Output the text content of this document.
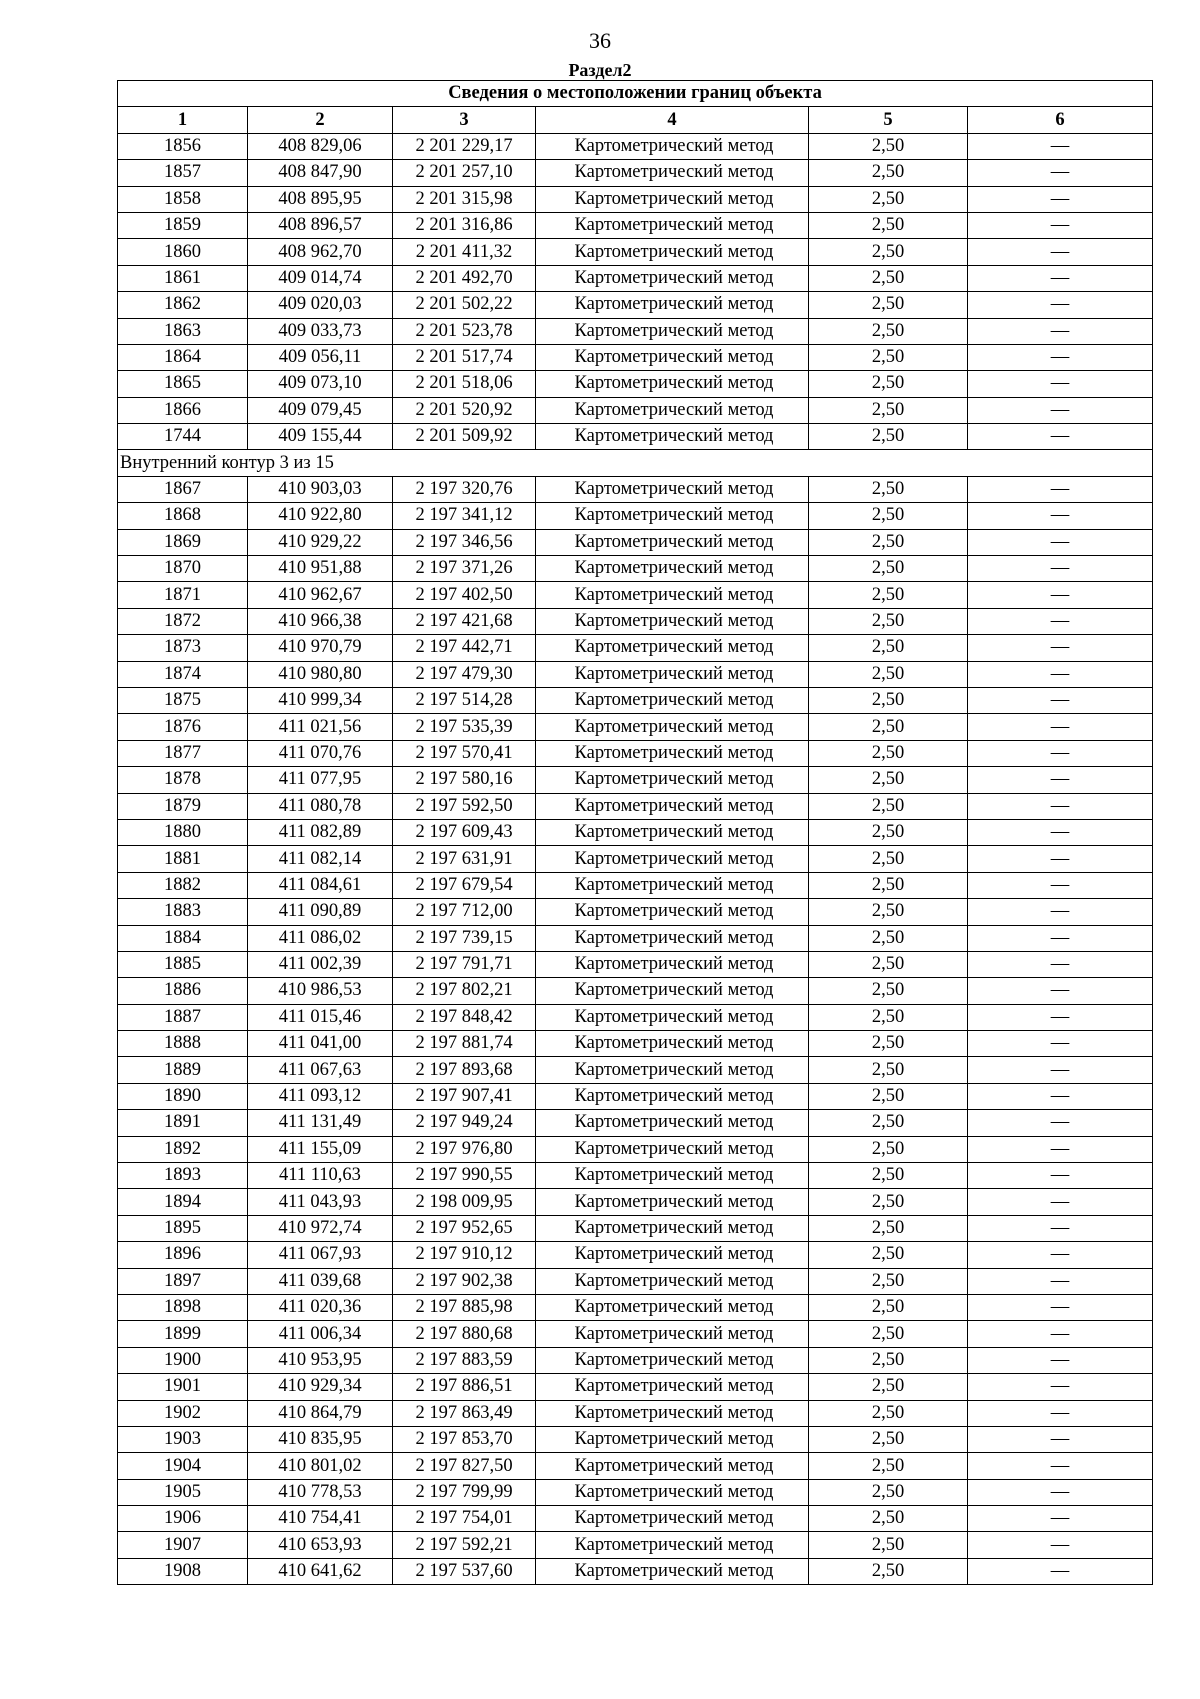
36
Раздел2
Сведения о местоположении границ объекта					
1	2	3	4	5	6
1856	408 829,06	2 201 229,17	Картометрический метод	2,50	—
1857	408 847,90	2 201 257,10	Картометрический метод	2,50	—
1858	408 895,95	2 201 315,98	Картометрический метод	2,50	—
1859	408 896,57	2 201 316,86	Картометрический метод	2,50	—
1860	408 962,70	2 201 411,32	Картометрический метод	2,50	—
1861	409 014,74	2 201 492,70	Картометрический метод	2,50	—
1862	409 020,03	2 201 502,22	Картометрический метод	2,50	—
1863	409 033,73	2 201 523,78	Картометрический метод	2,50	—
1864	409 056,11	2 201 517,74	Картометрический метод	2,50	—
1865	409 073,10	2 201 518,06	Картометрический метод	2,50	—
1866	409 079,45	2 201 520,92	Картометрический метод	2,50	—
1744	409 155,44	2 201 509,92	Картометрический метод	2,50	—
Внутренний контур 3 из 15					
1867	410 903,03	2 197 320,76	Картометрический метод	2,50	—
1868	410 922,80	2 197 341,12	Картометрический метод	2,50	—
1869	410 929,22	2 197 346,56	Картометрический метод	2,50	—
1870	410 951,88	2 197 371,26	Картометрический метод	2,50	—
1871	410 962,67	2 197 402,50	Картометрический метод	2,50	—
1872	410 966,38	2 197 421,68	Картометрический метод	2,50	—
1873	410 970,79	2 197 442,71	Картометрический метод	2,50	—
1874	410 980,80	2 197 479,30	Картометрический метод	2,50	—
1875	410 999,34	2 197 514,28	Картометрический метод	2,50	—
1876	411 021,56	2 197 535,39	Картометрический метод	2,50	—
1877	411 070,76	2 197 570,41	Картометрический метод	2,50	—
1878	411 077,95	2 197 580,16	Картометрический метод	2,50	—
1879	411 080,78	2 197 592,50	Картометрический метод	2,50	—
1880	411 082,89	2 197 609,43	Картометрический метод	2,50	—
1881	411 082,14	2 197 631,91	Картометрический метод	2,50	—
1882	411 084,61	2 197 679,54	Картометрический метод	2,50	—
1883	411 090,89	2 197 712,00	Картометрический метод	2,50	—
1884	411 086,02	2 197 739,15	Картометрический метод	2,50	—
1885	411 002,39	2 197 791,71	Картометрический метод	2,50	—
1886	410 986,53	2 197 802,21	Картометрический метод	2,50	—
1887	411 015,46	2 197 848,42	Картометрический метод	2,50	—
1888	411 041,00	2 197 881,74	Картометрический метод	2,50	—
1889	411 067,63	2 197 893,68	Картометрический метод	2,50	—
1890	411 093,12	2 197 907,41	Картометрический метод	2,50	—
1891	411 131,49	2 197 949,24	Картометрический метод	2,50	—
1892	411 155,09	2 197 976,80	Картометрический метод	2,50	—
1893	411 110,63	2 197 990,55	Картометрический метод	2,50	—
1894	411 043,93	2 198 009,95	Картометрический метод	2,50	—
1895	410 972,74	2 197 952,65	Картометрический метод	2,50	—
1896	411 067,93	2 197 910,12	Картометрический метод	2,50	—
1897	411 039,68	2 197 902,38	Картометрический метод	2,50	—
1898	411 020,36	2 197 885,98	Картометрический метод	2,50	—
1899	411 006,34	2 197 880,68	Картометрический метод	2,50	—
1900	410 953,95	2 197 883,59	Картометрический метод	2,50	—
1901	410 929,34	2 197 886,51	Картометрический метод	2,50	—
1902	410 864,79	2 197 863,49	Картометрический метод	2,50	—
1903	410 835,95	2 197 853,70	Картометрический метод	2,50	—
1904	410 801,02	2 197 827,50	Картометрический метод	2,50	—
1905	410 778,53	2 197 799,99	Картометрический метод	2,50	—
1906	410 754,41	2 197 754,01	Картометрический метод	2,50	—
1907	410 653,93	2 197 592,21	Картометрический метод	2,50	—
1908	410 641,62	2 197 537,60	Картометрический метод	2,50	—
